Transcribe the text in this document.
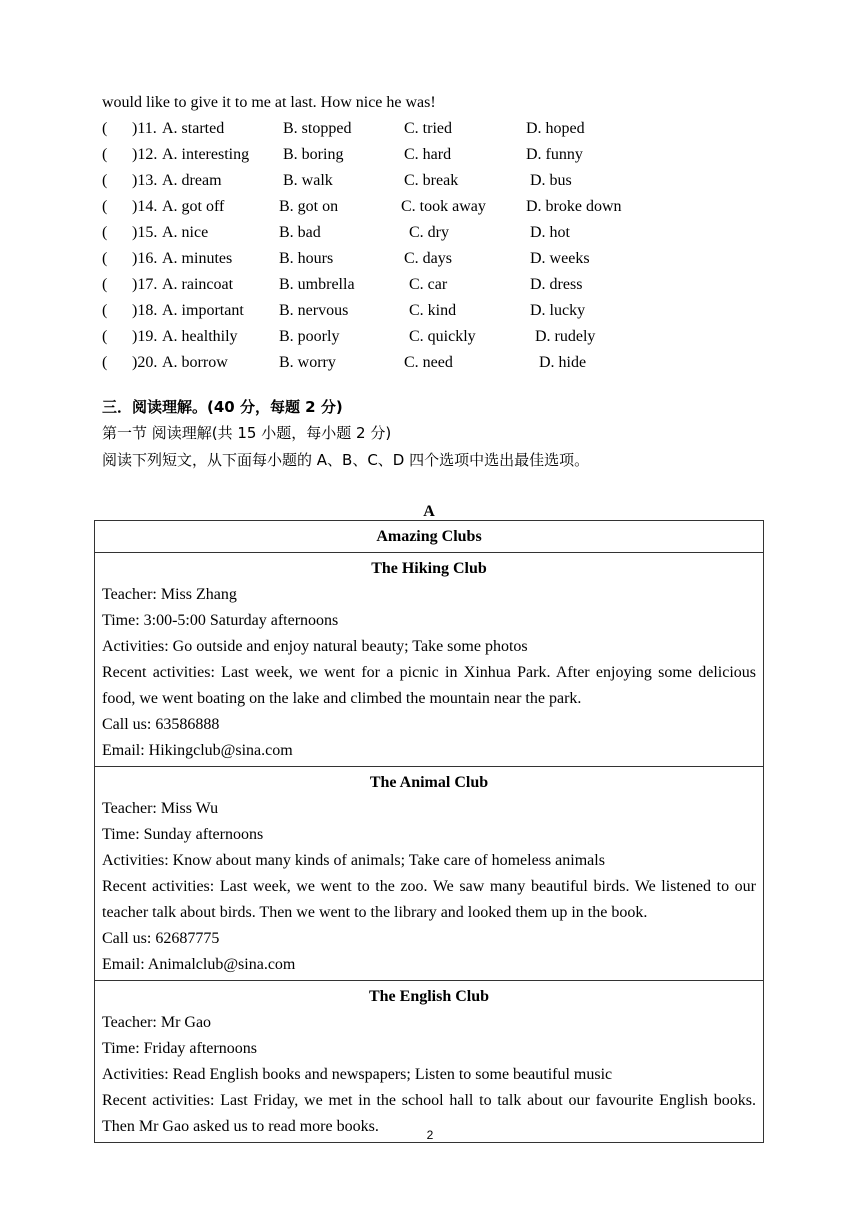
would like to give it to me at last. How nice he was!
( )11. A. started	B. stopped	C. tried	D. hoped
( )12. A. interesting B. boring	C. hard	D. funny
( )13. A. dream	B. walk	C. break	D. bus
( )14. A. got off	B. got on	C. took away	D. broke down
( )15. A. nice	B. bad	C. dry	D. hot
( )16. A. minutes	B. hours	C. days	D. weeks
( )17. A. raincoat	B. umbrella	C. car	D. dress
( )18. A. important B. nervous	C. kind	D. lucky
( )19. A. healthily	B. poorly	C. quickly	D. rudely
( )20. A. borrow	B. worry	C. need	D. hide
三．阅读理解。(40 分，每题 2 分)
第一节 阅读理解(共 15 小题，每小题 2 分)
阅读下列短文，从下面每小题的 A、B、C、D 四个选项中选出最佳选项。
A
Amazing Clubs

The Hiking Club
Teacher: Miss Zhang
Time: 3:00-5:00 Saturday afternoons
Activities: Go outside and enjoy natural beauty; Take some photos
Recent activities: Last week, we went for a picnic in Xinhua Park. After enjoying some delicious food, we went boating on the lake and climbed the mountain near the park.
Call us: 63586888
Email: Hikingclub@sina.com

The Animal Club
Teacher: Miss Wu
Time: Sunday afternoons
Activities: Know about many kinds of animals; Take care of homeless animals
Recent activities: Last week, we went to the zoo. We saw many beautiful birds. We listened to our teacher talk about birds. Then we went to the library and looked them up in the book.
Call us: 62687775
Email: Animalclub@sina.com

The English Club
Teacher: Mr Gao
Time: Friday afternoons
Activities: Read English books and newspapers; Listen to some beautiful music
Recent activities: Last Friday, we met in the school hall to talk about our favourite English books. Then Mr Gao asked us to read more books.	2
